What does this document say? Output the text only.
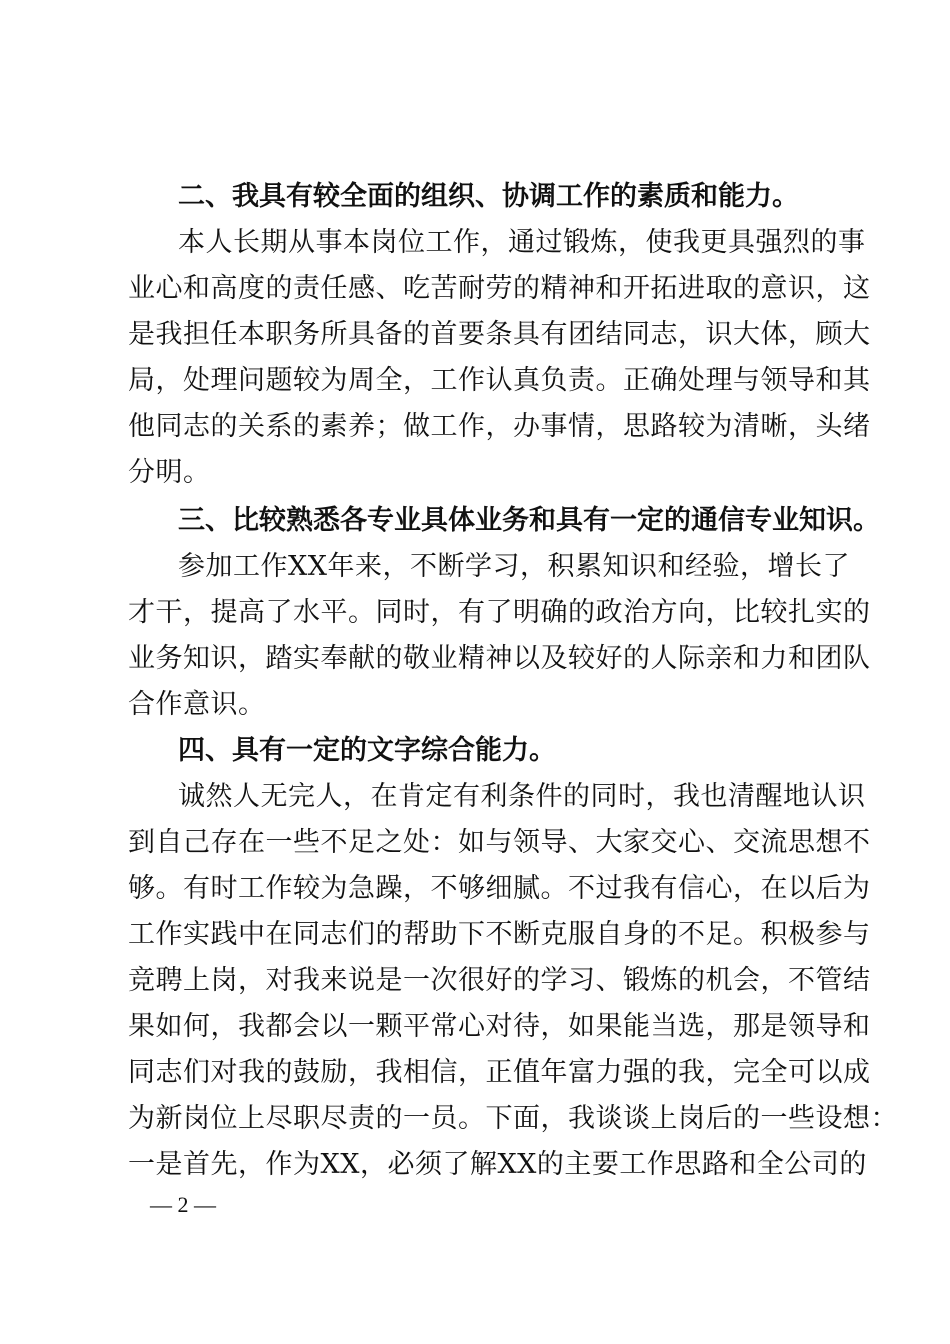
二、我具有较全面的组织、协调工作的素质和能力。
本人长期从事本岗位工作，通过锻炼，使我更具强烈的事
业心和高度的责任感、吃苦耐劳的精神和开拓进取的意识，这
是我担任本职务所具备的首要条具有团结同志，识大体，顾大
局，处理问题较为周全，工作认真负责。正确处理与领导和其
他同志的关系的素养；做工作，办事情，思路较为清晰，头绪
分明。
三、比较熟悉各专业具体业务和具有一定的通信专业知识。
参加工作XX年来，不断学习，积累知识和经验，增长了
才干，提高了水平。同时，有了明确的政治方向，比较扎实的
业务知识，踏实奉献的敬业精神以及较好的人际亲和力和团队
合作意识。
四、具有一定的文字综合能力。
诚然人无完人，在肯定有利条件的同时，我也清醒地认识
到自己存在一些不足之处：如与领导、大家交心、交流思想不
够。有时工作较为急躁，不够细腻。不过我有信心，在以后为
工作实践中在同志们的帮助下不断克服自身的不足。积极参与
竞聘上岗，对我来说是一次很好的学习、锻炼的机会，不管结
果如何，我都会以一颗平常心对待，如果能当选，那是领导和
同志们对我的鼓励，我相信，正值年富力强的我，完全可以成
为新岗位上尽职尽责的一员。下面，我谈谈上岗后的一些设想：
一是首先，作为XX，必须了解XX的主要工作思路和全公司的
— 2 —
